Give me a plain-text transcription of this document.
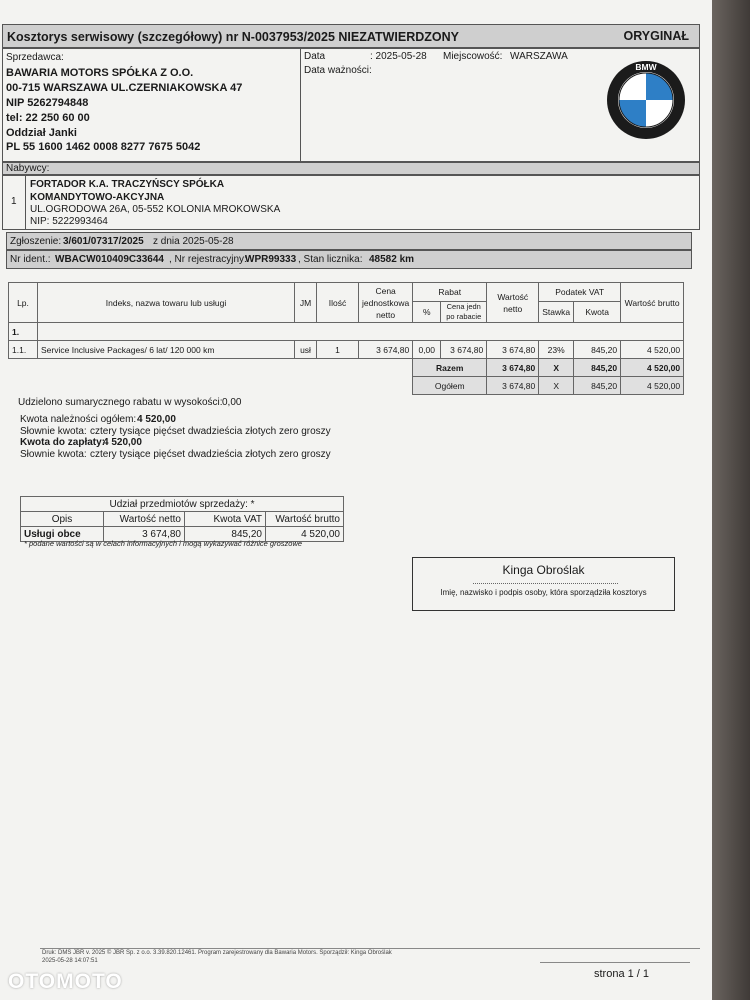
Kosztorys serwisowy (szczegółowy) nr N-0037953/2025 NIEZATWIERDZONY	ORYGINAŁ
Sprzedawca:
BAWARIA MOTORS SPÓŁKA Z O.O.
00-715 WARSZAWA UL.CZERNIAKOWSKA 47
NIP 5262794848
tel: 22 250 60 00
Oddział Janki
PL 55 1600 1462 0008 8277 7675 5042
Data	: 2025-05-28 Miejscowość: WARSZAWA
Data ważności:	BMW
Nabywcy:
1
FORTADOR K.A. TRACZYŃSCY SPÓŁKA
KOMANDYTOWO-AKCYJNA
UL.OGRODOWA 26A, 05-552 KOLONIA MROKOWSKA
NIP: 5222993464
Zgłoszenie: 3/601/07317/2025 z dnia 2025-05-28
Nr ident.: WBACW010409C33644 , Nr rejestracyjny:
WPR99333 , Stan licznika: 48582 km
Lp.	Indeks, nazwa towaru lub usługi	JM	Ilość	Cena jednostkowa netto	Rabat		Wartość netto	Podatek VAT		Wartość brutto
					%	Cena jedn po rabacie		Stawka	Kwota	
1.										
1.1.	Service Inclusive Packages/ 6 lat/ 120 000 km	usł	1	3 674,80	0,00	3 674,80	3 674,80	23%	845,20	4 520,00
					Razem		3 674,80	X	845,20	4 520,00
					Ogółem		3 674,80	X	845,20	4 520,00
Udzielono sumarycznego rabatu w wysokości: 0,00
Kwota należności ogółem: 4 520,00
Słownie kwota: cztery tysiące pięćset dwadzieścia złotych zero groszy
Kwota do zapłaty:
4 520,00
Słownie kwota: cztery tysiące pięćset dwadzieścia złotych zero groszy
Udział przedmiotów sprzedaży: *			
Opis	Wartość netto	Kwota VAT	Wartość brutto
Usługi obce	3 674,80	845,20	4 520,00
* podane wartości są w celach informacyjnych i mogą wykazywać różnice groszowe
Kinga Obroślak
Imię, nazwisko i podpis osoby, która sporządziła kosztorys
Druk: DMS JBR v. 2025 © JBR Sp. z o.o. 3.39.820.12461. Program zarejestrowany dla Bawaria Motors. Sporządził: Kinga Obroślak
2025-05-28 14:07:51
strona 1 / 1
OTOMOTO
